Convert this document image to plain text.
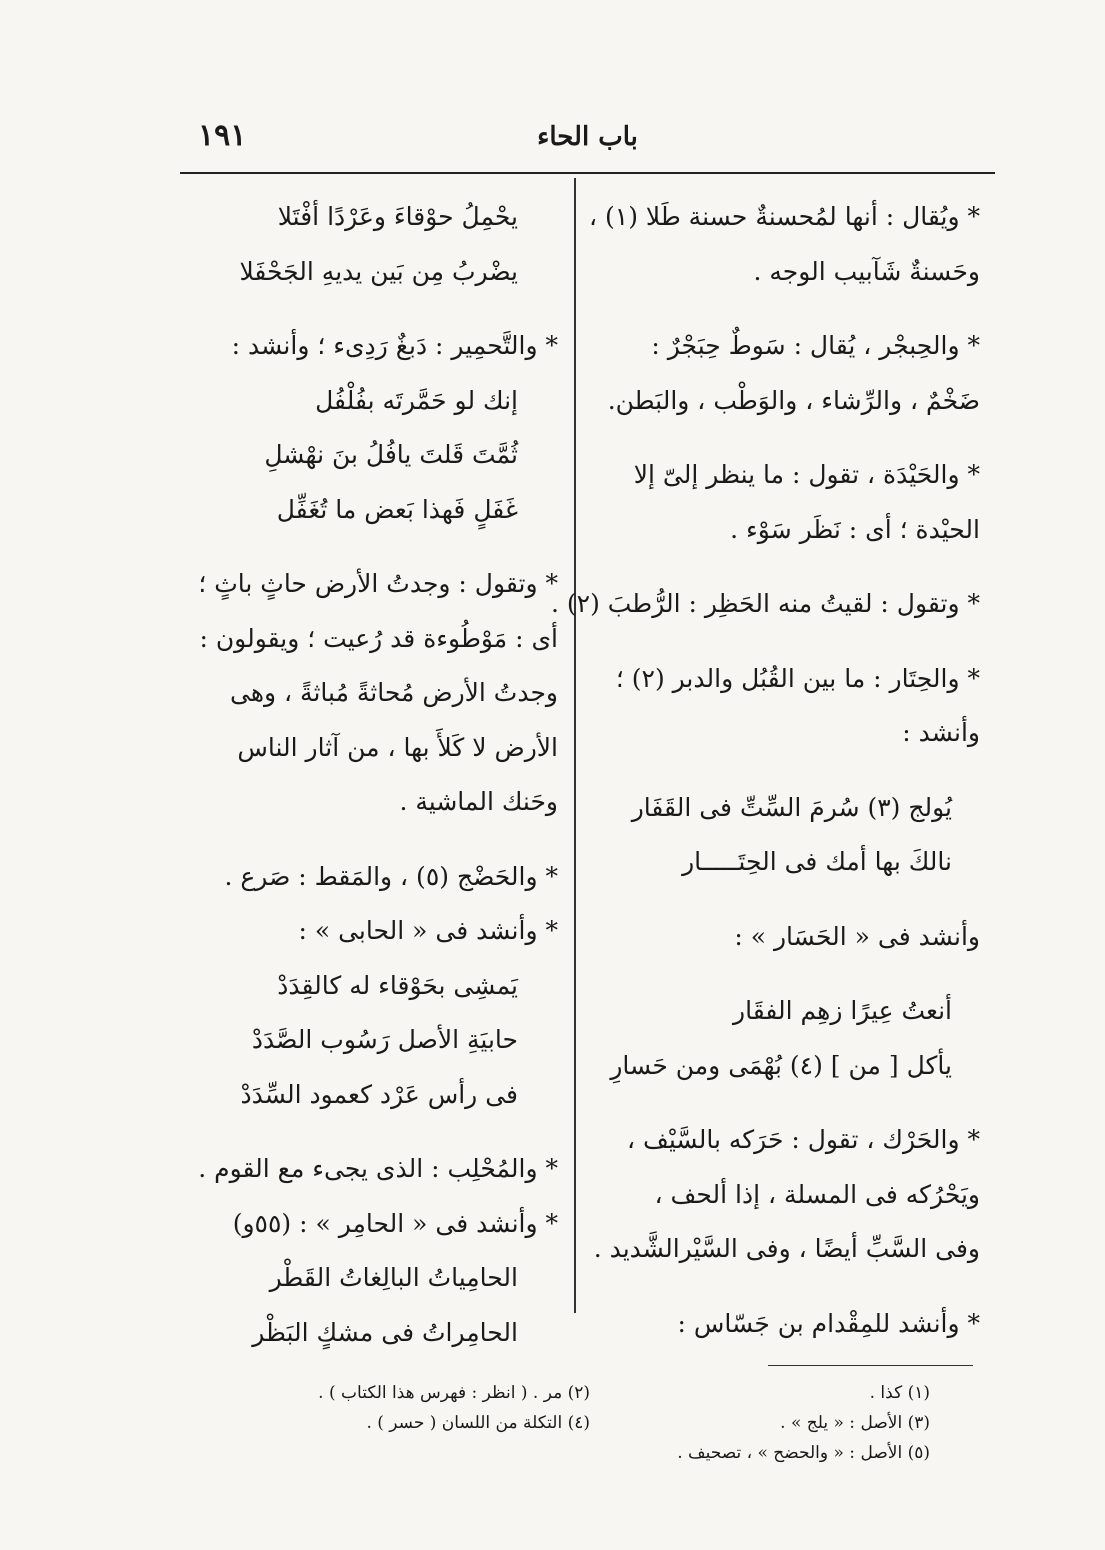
١٩١	باب الحاء
* ويُقال : أنها لمُحسنةٌ حسنة طَلا (١) ،
وحَسنةٌ شَآبيب الوجه .
* والحِبجْر ، يُقال : سَوطٌ حِبَجْرٌ :
ضَخْمٌ ، والرِّشاء ، والوَطْب ، والبَطن.
* والحَيْدَة ، تقول : ما ينظر إلىّ إلا
الحيْدة ؛ أى : نَظَر سَوْء .
* وتقول : لقيتُ منه الحَظِر : الرُّطبَ (٢) .
* والحِتَار : ما بين القُبُل والدبر (٢) ؛
وأنشد :
يُولج (٣) سُرمَ السِّتِّ فى القَفَار
نالكَ بها أمك فى الحِتَـــــار
وأنشد فى « الحَسَار » :
أنعتُ عِيرًا زهِم الفقَار
يأكل [ من ] (٤) بُهْمَى ومن حَسارِ
* والحَرْك ، تقول : حَرَكه بالسَّيْف ،
ويَحْرُكه فى المسلة ، إذا ألحف ،
وفى السَّبِّ أيضًا ، وفى السَّيْرالشَّديد .
* وأنشد للمِقْدام بن جَسّاس :
يحْمِلُ حوْقاءَ وعَرْدًا أفْتَلا
يضْربُ مِن بَين يديهِ الجَحْفَلا
* والتَّحمِير : دَبغٌ رَدِىء ؛ وأنشد :
إنك لو حَمَّرتَه بفُلْفُل
ثُمَّتَ قَلتَ يافُلُ بنَ نهْشلِ
غَفَلٍ فَهذا بَعض ما تُغَفِّل
* وتقول : وجدتُ الأرض حاثٍ باثٍ ؛
أى : مَوْطُوءة قد رُعيت ؛ ويقولون :
وجدتُ الأرض مُحاثةً مُباثةً ، وهى
الأرض لا كَلأَ بها ، من آثار الناس
وحَنك الماشية .
* والحَضْج (٥) ، والمَقط : صَرع .
* وأنشد فى « الحابى » :
يَمشِى بحَوْقاء له كالقِدَدْ
حابيَةِ الأصل رَسُوب الصَّدَدْ
فى رأس عَرْد كعمود السِّدَدْ
* والمُحْلِب : الذى يجىء مع القوم .
* وأنشد فى « الحامِر » : (٥٥و)
الحامِياتُ البالِغاتُ القَطْر
الحامِراتُ فى مشكٍ البَظْر
(١) كذا .
(٣) الأصل : « يلج » .
(٥) الأصل : « والحضح » ، تصحيف .
(٢) مر . ( انظر : فهرس هذا الكتاب ) .
(٤) التكلة من اللسان ( حسر ) .
